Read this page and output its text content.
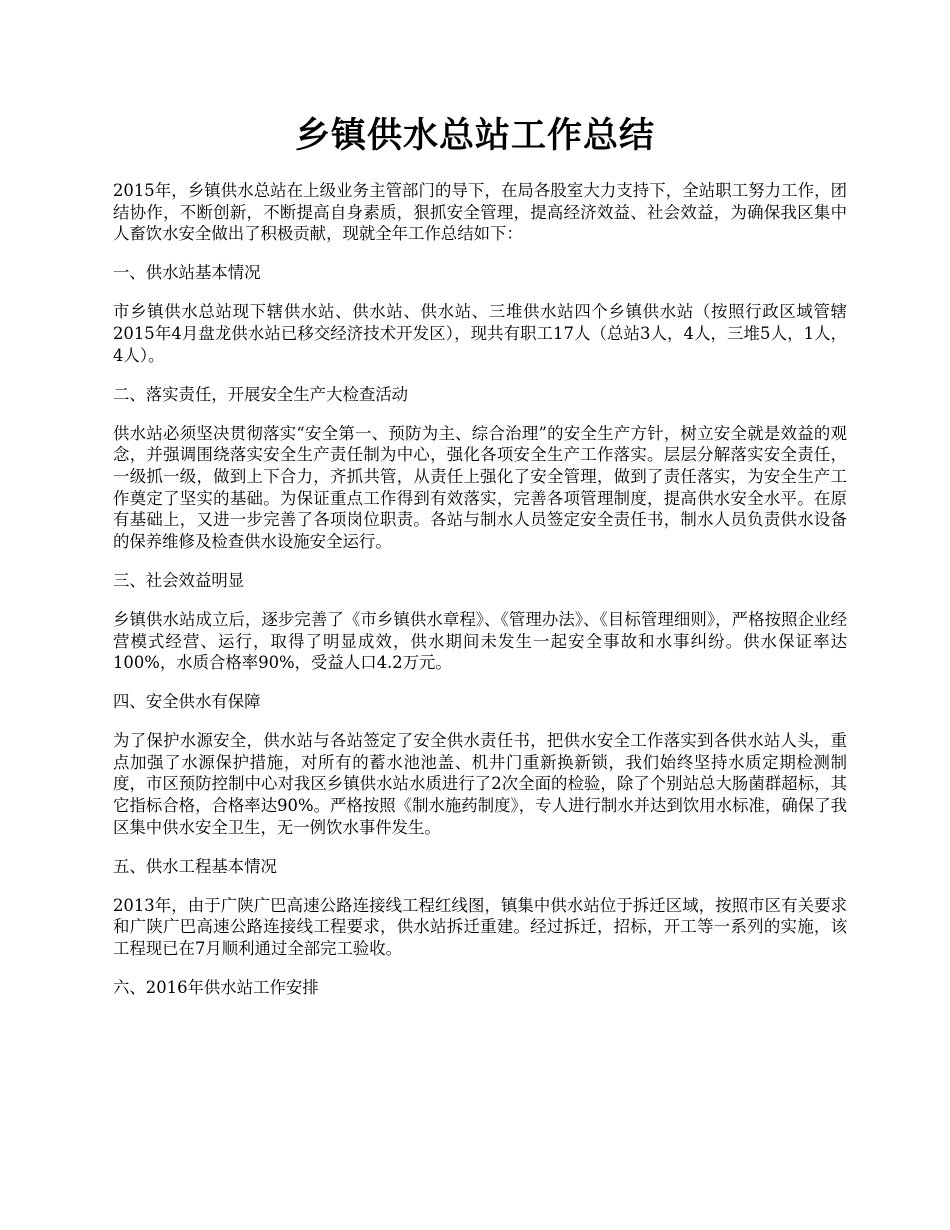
乡镇供水总站工作总结

2015年，乡镇供水总站在上级业务主管部门的导下，在局各股室大力支持下，全站职工努力工作，团结协作，不断创新，不断提高自身素质，狠抓安全管理，提高经济效益、社会效益，为确保我区集中人畜饮水安全做出了积极贡献，现就全年工作总结如下：

一、供水站基本情况

市乡镇供水总站现下辖供水站、供水站、供水站、三堆供水站四个乡镇供水站（按照行政区域管辖2015年4月盘龙供水站已移交经济技术开发区），现共有职工17人（总站3人，4人，三堆5人，1人，4人）。

二、落实责任，开展安全生产大检查活动

供水站必须坚决贯彻落实“安全第一、预防为主、综合治理”的安全生产方针，树立安全就是效益的观念，并强调围绕落实安全生产责任制为中心，强化各项安全生产工作落实。层层分解落实安全责任，一级抓一级，做到上下合力，齐抓共管，从责任上强化了安全管理，做到了责任落实，为安全生产工作奠定了坚实的基础。为保证重点工作得到有效落实，完善各项管理制度，提高供水安全水平。在原有基础上，又进一步完善了各项岗位职责。各站与制水人员签定安全责任书，制水人员负责供水设备的保养维修及检查供水设施安全运行。

三、社会效益明显

乡镇供水站成立后，逐步完善了《市乡镇供水章程》、《管理办法》、《目标管理细则》，严格按照企业经营模式经营、运行，取得了明显成效，供水期间未发生一起安全事故和水事纠纷。供水保证率达100%，水质合格率90%，受益人口4.2万元。

四、安全供水有保障

为了保护水源安全，供水站与各站签定了安全供水责任书，把供水安全工作落实到各供水站人头，重点加强了水源保护措施，对所有的蓄水池池盖、机井门重新换新锁，我们始终坚持水质定期检测制度，市区预防控制中心对我区乡镇供水站水质进行了2次全面的检验，除了个别站总大肠菌群超标，其它指标合格，合格率达90%。严格按照《制水施药制度》，专人进行制水并达到饮用水标准，确保了我区集中供水安全卫生，无一例饮水事件发生。

五、供水工程基本情况

2013年，由于广陕广巴高速公路连接线工程红线图，镇集中供水站位于拆迁区域，按照市区有关要求和广陕广巴高速公路连接线工程要求，供水站拆迁重建。经过拆迁，招标，开工等一系列的实施，该工程现已在7月顺利通过全部完工验收。

六、2016年供水站工作安排
